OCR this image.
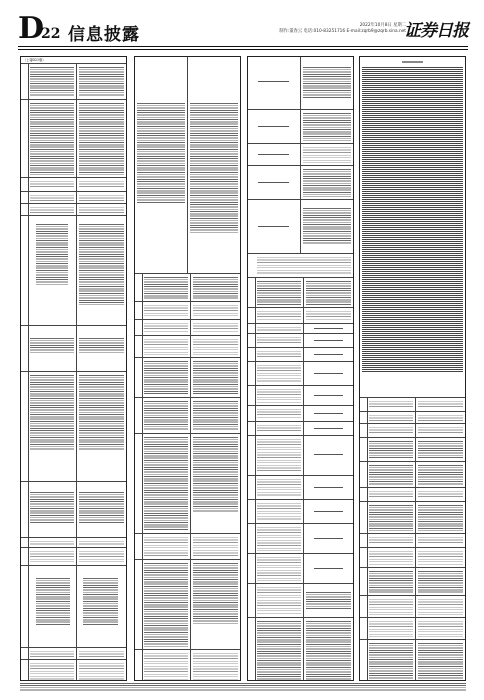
D
22 信息披露	2022年10月8日 星期二
制作:董春云 电话:010-83251716 E-mail:zqrb9@zqrb.sina.net
证券日报
（上接D21版）
